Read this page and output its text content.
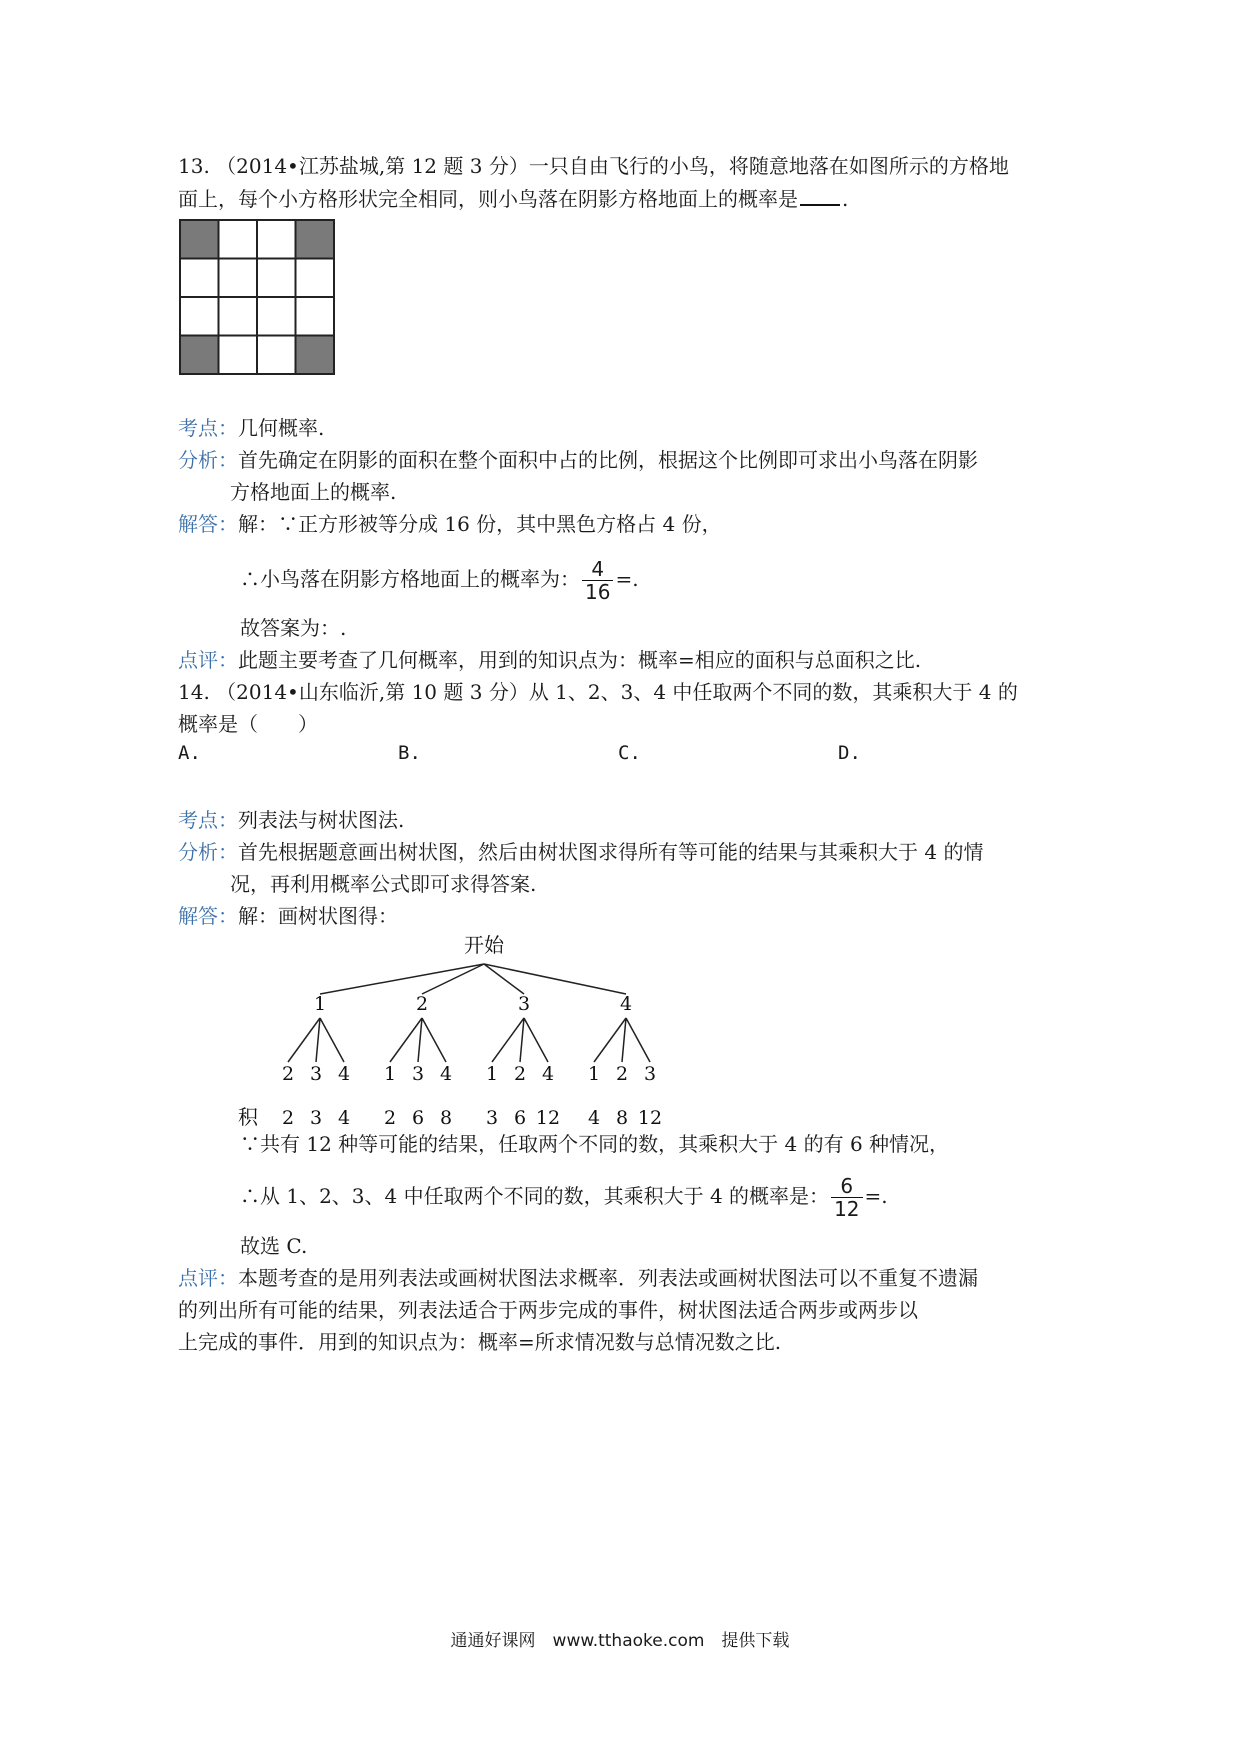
13. （2014•江苏盐城,第 12 题 3 分）一只自由飞行的小鸟，将随意地落在如图所示的方格地
面上，每个小方格形状完全相同，则小鸟落在阴影方格地面上的概率是 .
考点：几何概率.
分析：首先确定在阴影的面积在整个面积中占的比例，根据这个比例即可求出小鸟落在阴影
方格地面上的概率.
解答：解：∵正方形被等分成 16 份，其中黑色方格占 4 份，
∴小鸟落在阴影方格地面上的概率为： $\frac{4}{16}$ =.
故答案为：.
点评：此题主要考查了几何概率，用到的知识点为：概率=相应的面积与总面积之比.
14. （2014•山东临沂,第 10 题 3 分）从 1、2、3、4 中任取两个不同的数，其乘积大于 4 的
概率是（　　）
A.	B.	C.	D.
考点：列表法与树状图法.
分析：首先根据题意画出树状图，然后由树状图求得所有等可能的结果与其乘积大于 4 的情
况，再利用概率公式即可求得答案.
解答：解：画树状图得：
开始
1
2
2
3
3
4
4
2
1
2
3
6
4
8
3
1
3
2
6
4
12
4
1
4
2
8
3
12
积
∵共有 12 种等可能的结果，任取两个不同的数，其乘积大于 4 的有 6 种情况，
∴从 1、2、3、4 中任取两个不同的数，其乘积大于 4 的概率是： $\frac{6}{12}$ =.
故选 C.
点评：本题考查的是用列表法或画树状图法求概率．列表法或画树状图法可以不重复不遗漏
的列出所有可能的结果，列表法适合于两步完成的事件，树状图法适合两步或两步以
上完成的事件．用到的知识点为：概率=所求情况数与总情况数之比.
通通好课网　www.tthaoke.com　提供下载
